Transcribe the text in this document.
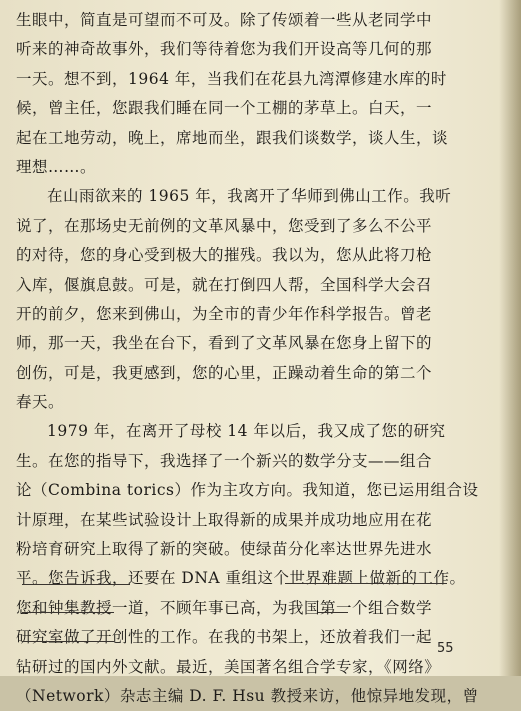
生眼中，简直是可望而不可及。除了传颂着一些从老同学中
听来的神奇故事外，我们等待着您为我们开设高等几何的那
一天。想不到，1964 年，当我们在花县九湾潭修建水库的时
候，曾主任，您跟我们睡在同一个工棚的茅草上。白天，一
起在工地劳动，晚上，席地而坐，跟我们谈数学，谈人生，谈
理想……。
在山雨欲来的 1965 年，我离开了华师到佛山工作。我听
说了，在那场史无前例的文革风暴中，您受到了多么不公平
的对待，您的身心受到极大的摧残。我以为，您从此将刀枪
入库，偃旗息鼓。可是，就在打倒四人帮，全国科学大会召
开的前夕，您来到佛山，为全市的青少年作科学报告。曾老
师，那一天，我坐在台下，看到了文革风暴在您身上留下的
创伤，可是，我更感到，您的心里，正躁动着生命的第二个
春天。
1979 年，在离开了母校 14 年以后，我又成了您的研究
生。在您的指导下，我选择了一个新兴的数学分支——组合
论（Combina torics）作为主攻方向。我知道，您已运用组合设
计原理，在某些试验设计上取得新的成果并成功地应用在花
粉培育研究上取得了新的突破。使绿苗分化率达世界先进水
平。您告诉我，还要在 DNA 重组这个世界难题上做新的工作。
您和钟集教授一道，不顾年事已高，为我国第一个组合数学
研究室做了开创性的工作。在我的书架上，还放着我们一起
钻研过的国内外文献。最近，美国著名组合学专家，《网络》
（Network）杂志主编 D. F. Hsu 教授来访，他惊异地发现，曾
55
